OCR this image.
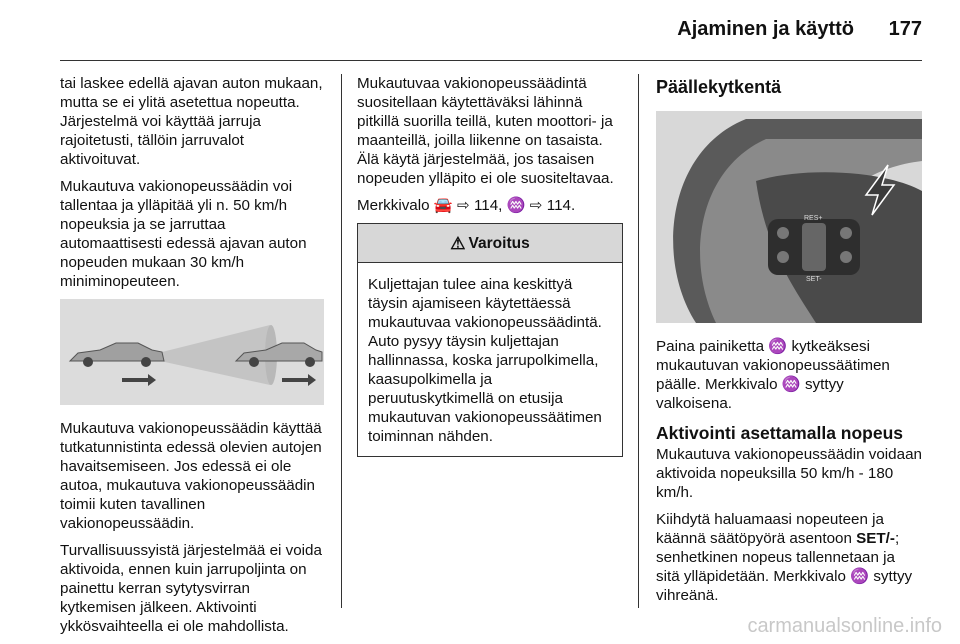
Ajaminen ja käyttö 177

tai laskee edellä ajavan auton mukaan, mutta se ei ylitä asetettua nopeutta. Järjestelmä voi käyttää jarruja rajoitetusti, tällöin jarruvalot aktivoituvat.

Mukautuva vakionopeussäädin voi tallentaa ja ylläpitää yli n. 50 km/h nopeuksia ja se jarruttaa automaattisesti edessä ajavan auton nopeuden mukaan 30 km/h miniminopeuteen.

Mukautuva vakionopeussäädin käyttää tutkatunnistinta edessä olevien autojen havaitsemiseen. Jos edessä ei ole autoa, mukautuva vakionopeussäädin toimii kuten tavallinen vakionopeussäädin.

Turvallisuussyistä järjestelmää ei voida aktivoida, ennen kuin jarrupoljinta on painettu kerran sytytysvirran kytkemisen jälkeen. Aktivointi ykkösvaihteella ei ole mahdollista.

Mukautuvaa vakionopeussäädintä suositellaan käytettäväksi lähinnä pitkillä suorilla teillä, kuten moottori- ja maanteillä, joilla liikenne on tasaista. Älä käytä järjestelmää, jos tasaisen nopeuden ylläpito ei ole suositeltavaa.

Merkkivalo 🚘 ⇨ 114, ♒ ⇨ 114.

⚠ Varoitus
Kuljettajan tulee aina keskittyä täysin ajamiseen käytettäessä mukautuvaa vakionopeussäädintä. Auto pysyy täysin kuljettajan hallinnassa, koska jarrupolkimella, kaasupolkimella ja peruutuskytkimellä on etusija mukautuvan vakionopeussäätimen toiminnan nähden.
Päällekytkentä
RES+
SET-

Paina painiketta ♒ kytkeäksesi mukautuvan vakionopeussäätimen päälle. Merkkivalo ♒ syttyy valkoisena.

Aktivointi asettamalla nopeus

Mukautuva vakionopeussäädin voidaan aktivoida nopeuksilla 50 km/h - 180 km/h.

Kiihdytä haluamaasi nopeuteen ja käännä säätöpyörä asentoon SET/-; senhetkinen nopeus tallennetaan ja sitä ylläpidetään. Merkkivalo ♒ syttyy vihreänä.

carmanualsonline.info
